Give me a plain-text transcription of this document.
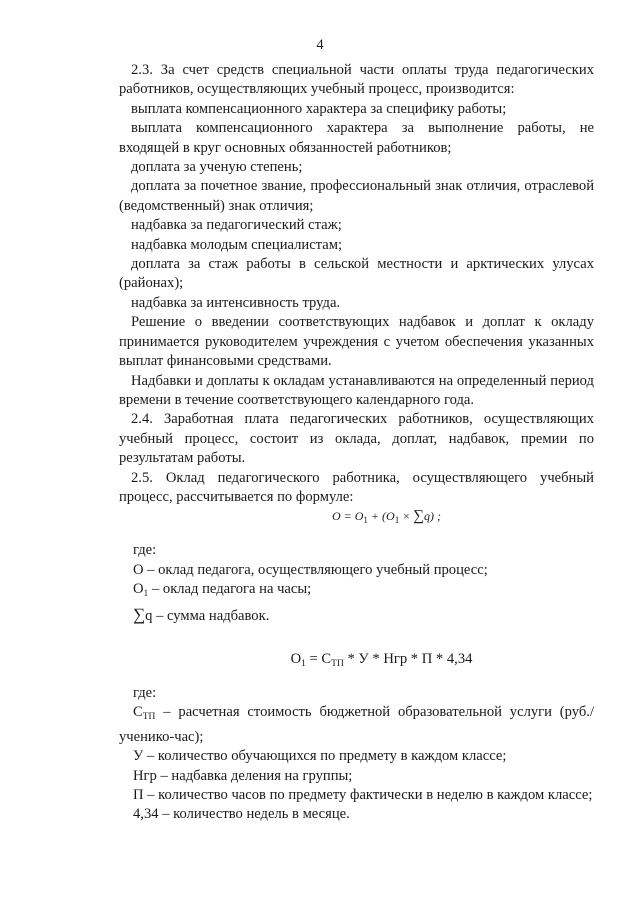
4

2.3. За счет средств специальной части оплаты труда педагогических работников, осуществляющих учебный процесс, производится:

выплата компенсационного характера за специфику работы;

выплата компенсационного характера за выполнение работы, не входящей в круг основных обязанностей работников;

доплата за ученую степень;

доплата за почетное звание, профессиональный знак отличия, отраслевой (ведомственный) знак отличия;

надбавка за педагогический стаж;

надбавка молодым специалистам;

доплата за стаж работы в сельской местности и арктических улусах (районах);

надбавка за интенсивность труда.

Решение о введении соответствующих надбавок и доплат к окладу принимается руководителем учреждения с учетом обеспечения указанных выплат финансовыми средствами.

Надбавки и доплаты к окладам устанавливаются на определенный период времени в течение соответствующего календарного года.

2.4. Заработная плата педагогических работников, осуществляющих учебный процесс, состоит из оклада, доплат, надбавок, премии по результатам работы.

2.5. Оклад педагогического работника, осуществляющего учебный процесс, рассчитывается по формуле:

$O = O_1 + (O_1 \times \sum q)$ ;

где:

О – оклад педагога, осуществляющего учебный процесс;

$О_1$ – оклад педагога на часы;

∑q – сумма надбавок.

$О_1 = С_{ТП} * У$ * Нгр * П * 4,34

где:

$С_{ТП}$ – расчетная стоимость бюджетной образовательной услуги (руб./ученико-час);

У – количество обучающихся по предмету в каждом классе;

Нгр – надбавка деления на группы;

П – количество часов по предмету фактически в неделю в каждом классе;

4,34 – количество недель в месяце.
